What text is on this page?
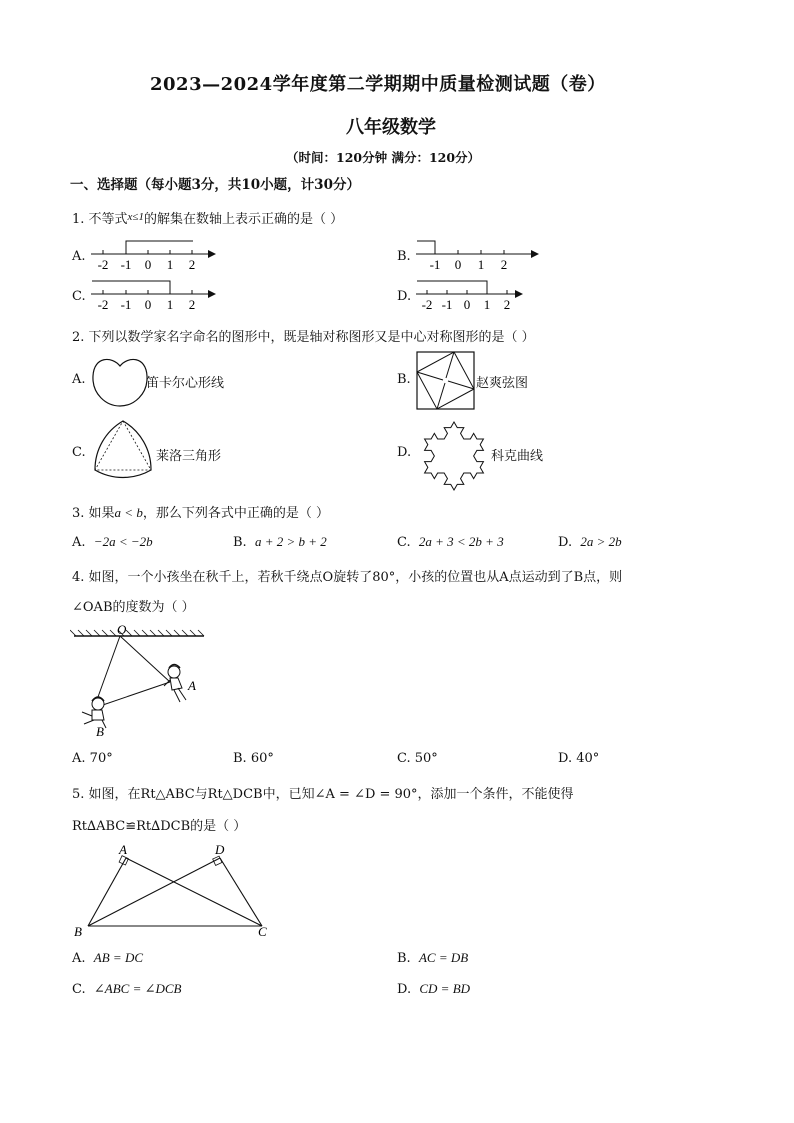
2023—2024学年度第二学期期中质量检测试题（卷）
八年级数学
（时间：120分钟 满分：120分）
一、选择题（每小题3分，共10小题，计30分）
1. 不等式$^{x\le 1}$的解集在数轴上表示正确的是（ ）
A.	B.
C.	D.
-2 -1 0 1 2	-1 0 1 2
-2 -1 0 1 2	-2 -1 0 1 2
2. 下列以数学家名字命名的图形中，既是轴对称图形又是中心对称图形的是（ ）
A.	笛卡尔心形线	B.	赵爽弦图
C.	莱洛三角形	D.	科克曲线
3. 如果a < b，那么下列各式中正确的是（ ）
A. −2a < −2b	B. a + 2 > b + 2	C. 2a + 3 < 2b + 3	D. 2a > 2b
4. 如图，一个小孩坐在秋千上，若秋千绕点O旋转了80°，小孩的位置也从A点运动到了B点，则
∠OAB的度数为（ ）
O
A
B
A. 70°	B. 60°	C. 50°	D. 40°
5. 如图，在Rt△ABC与Rt△DCB中，已知∠A = ∠D = 90°，添加一个条件，不能使得
Rt∆ABC≌Rt∆DCB的是（ ）
A	D
B	C
A. AB = DC	B. AC = DB
C. ∠ABC = ∠DCB	D. CD = BD
